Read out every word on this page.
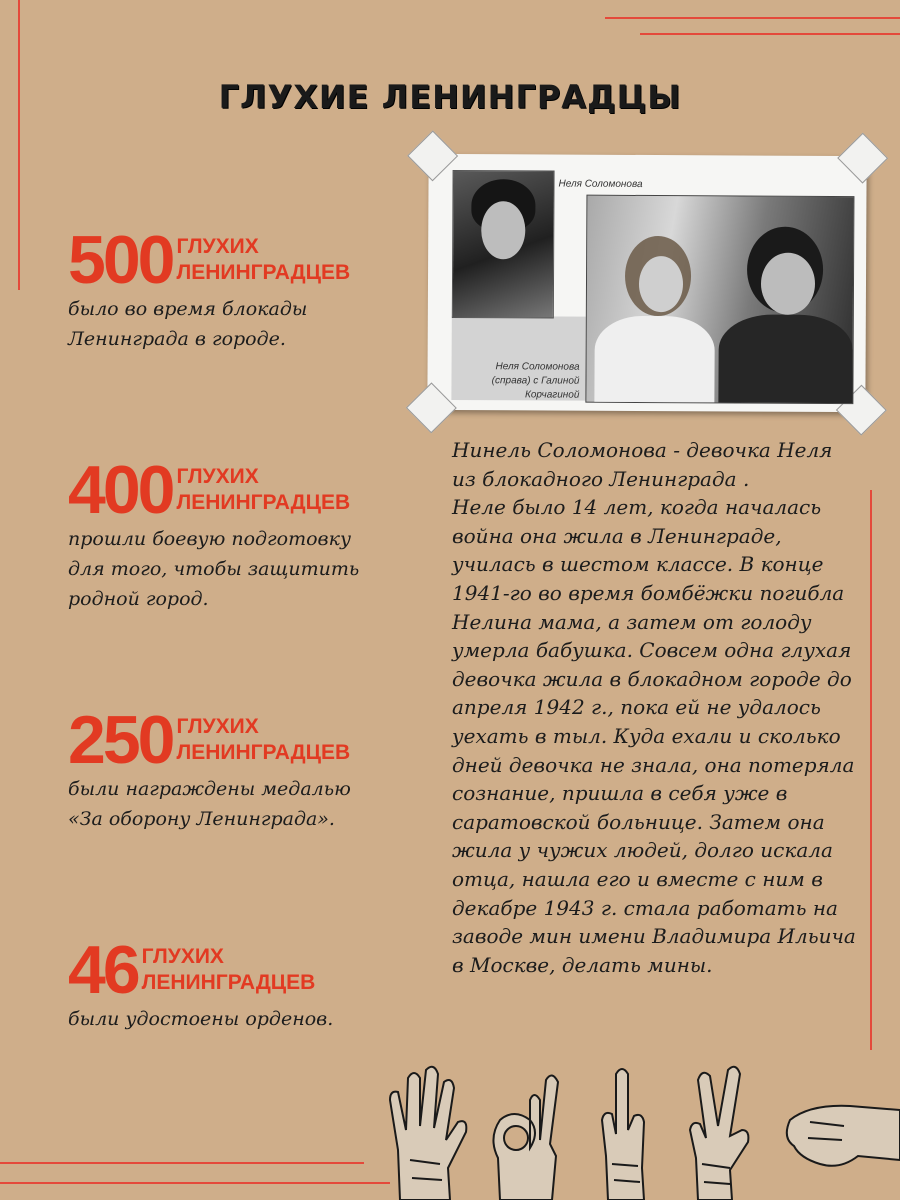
ГЛУХИЕ ЛЕНИНГРАДЦЫ
500 ГЛУХИХ
ЛЕНИНГРАДЦЕВ
было во время блокады Ленинграда в городе.
400 ГЛУХИХ
ЛЕНИНГРАДЦЕВ
прошли боевую подготовку для того, чтобы защитить родной город.
250 ГЛУХИХ
ЛЕНИНГРАДЦЕВ
были награждены медалью «За оборону Ленинграда».
46 ГЛУХИХ
ЛЕНИНГРАДЦЕВ
были удостоены орденов.
Неля Соломонова
Неля Соломонова (справа) с Галиной Корчагиной
Нинель Соломонова - девочка Неля из блокадного Ленинграда .
Неле было 14 лет, когда началась война она жила в Ленинграде, училась в шестом классе. В конце 1941-го во время бомбёжки погибла Нелина мама, а затем от голоду умерла бабушка. Совсем одна глухая девочка жила в блокадном городе до апреля 1942 г., пока ей не удалось уехать в тыл. Куда ехали и сколько дней девочка не знала, она потеряла сознание, пришла в себя уже в саратовской больнице. Затем она жила у чужих людей, долго искала отца, нашла его и вместе с ним в декабре 1943 г. стала работать на заводе мин имени Владимира Ильича в Москве, делать мины.
